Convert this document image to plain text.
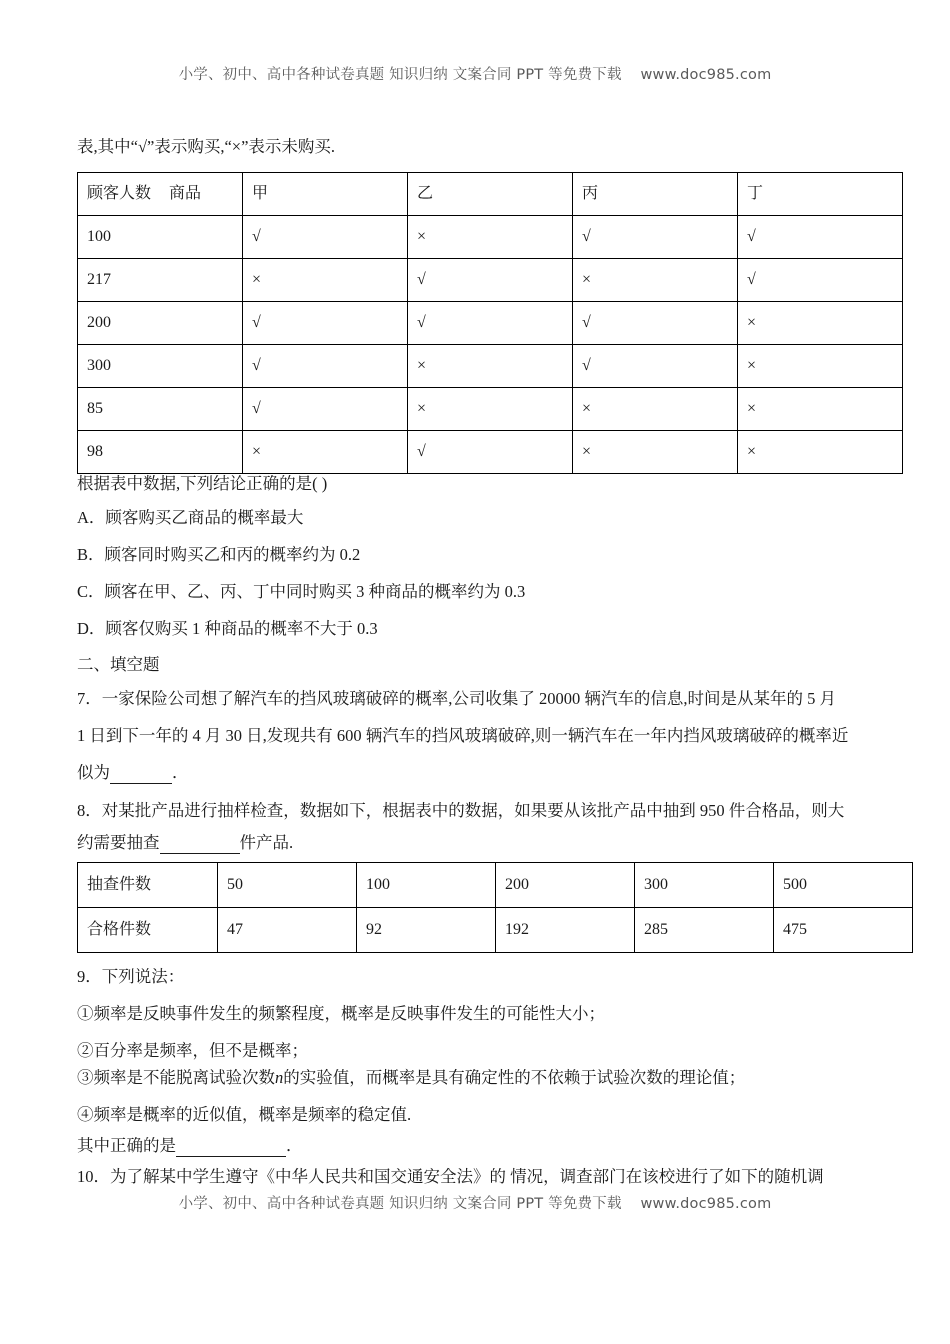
小学、初中、高中各种试卷真题 知识归纳 文案合同 PPT 等免费下载 www.doc985.com
表,其中“√”表示购买,“×”表示未购买.
顾客人数 商品	甲	乙	丙	丁
100	√	×	√	√
217	×	√	×	√
200	√	√	√	×
300	√	×	√	×
85	√	×	×	×
98	×	√	×	×
根据表中数据,下列结论正确的是( )
A．顾客购买乙商品的概率最大
B．顾客同时购买乙和丙的概率约为 0.2
C．顾客在甲、乙、丙、丁中同时购买 3 种商品的概率约为 0.3
D．顾客仅购买 1 种商品的概率不大于 0.3
二、填空题
7．一家保险公司想了解汽车的挡风玻璃破碎的概率,公司收集了 20000 辆汽车的信息,时间是从某年的 5 月
1 日到下一年的 4 月 30 日,发现共有 600 辆汽车的挡风玻璃破碎,则一辆汽车在一年内挡风玻璃破碎的概率近
似为	．
8．对某批产品进行抽样检查，数据如下，根据表中的数据，如果要从该批产品中抽到 950 件合格品，则大
约需要抽查	件产品.
抽查件数	50	100	200	300	500
合格件数	47	92	192	285	475
9．下列说法：
①频率是反映事件发生的频繁程度，概率是反映事件发生的可能性大小；
②百分率是频率，但不是概率；
③频率是不能脱离试验次数n的实验值，而概率是具有确定性的不依赖于试验次数的理论值；
④频率是概率的近似值，概率是频率的稳定值.
其中正确的是	．
10．为了解某中学生遵守《中华人民共和国交通安全法》的 情况，调查部门在该校进行了如下的随机调
小学、初中、高中各种试卷真题 知识归纳 文案合同 PPT 等免费下载 www.doc985.com
